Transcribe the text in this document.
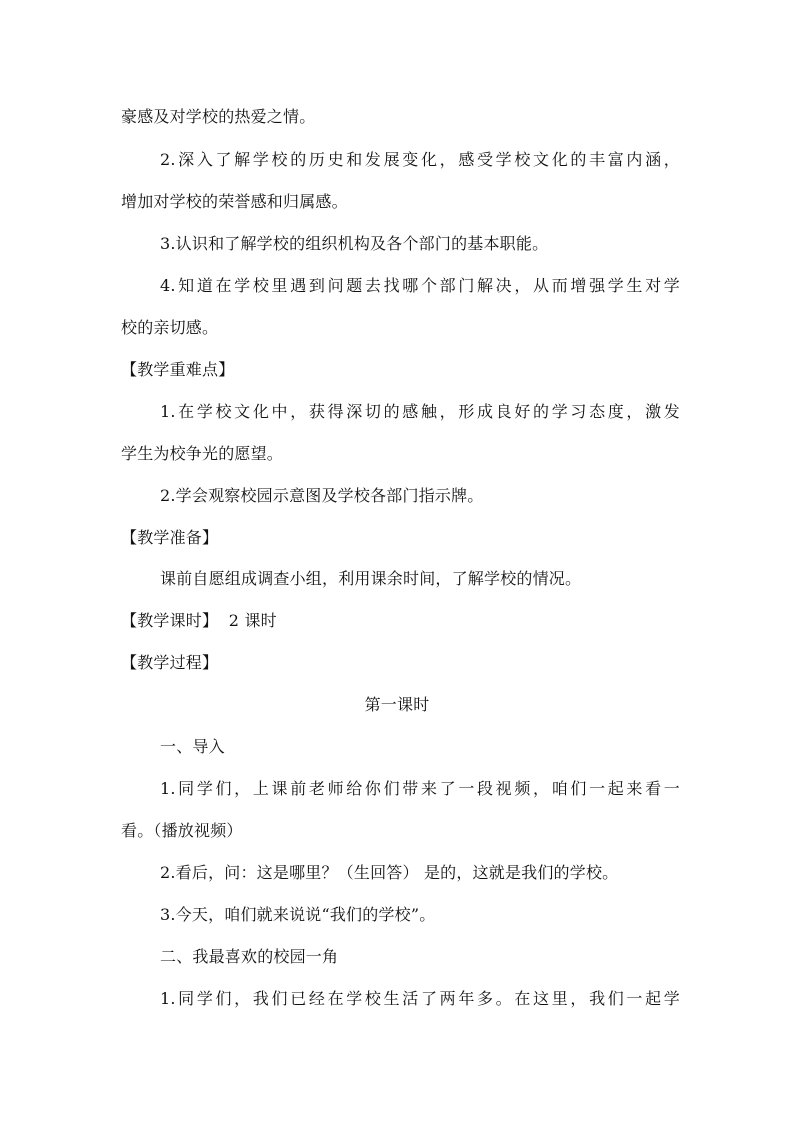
豪感及对学校的热爱之情。
2.深入了解学校的历史和发展变化，感受学校文化的丰富内涵，
增加对学校的荣誉感和归属感。
3.认识和了解学校的组织机构及各个部门的基本职能。
4.知道在学校里遇到问题去找哪个部门解决，从而增强学生对学
校的亲切感。
【教学重难点】
1.在学校文化中，获得深切的感触，形成良好的学习态度，激发
学生为校争光的愿望。
2.学会观察校园示意图及学校各部门指示牌。
【教学准备】
课前自愿组成调查小组，利用课余时间，了解学校的情况。
【教学课时】  2 课时
【教学过程】
第一课时
一、导入
1.同学们，上课前老师给你们带来了一段视频，咱们一起来看一
看。（播放视频）
2.看后，问：这是哪里？（生回答） 是的，这就是我们的学校。
3.今天，咱们就来说说“我们的学校”。
二、我最喜欢的校园一角
1.同学们，我们已经在学校生活了两年多。在这里，我们一起学
